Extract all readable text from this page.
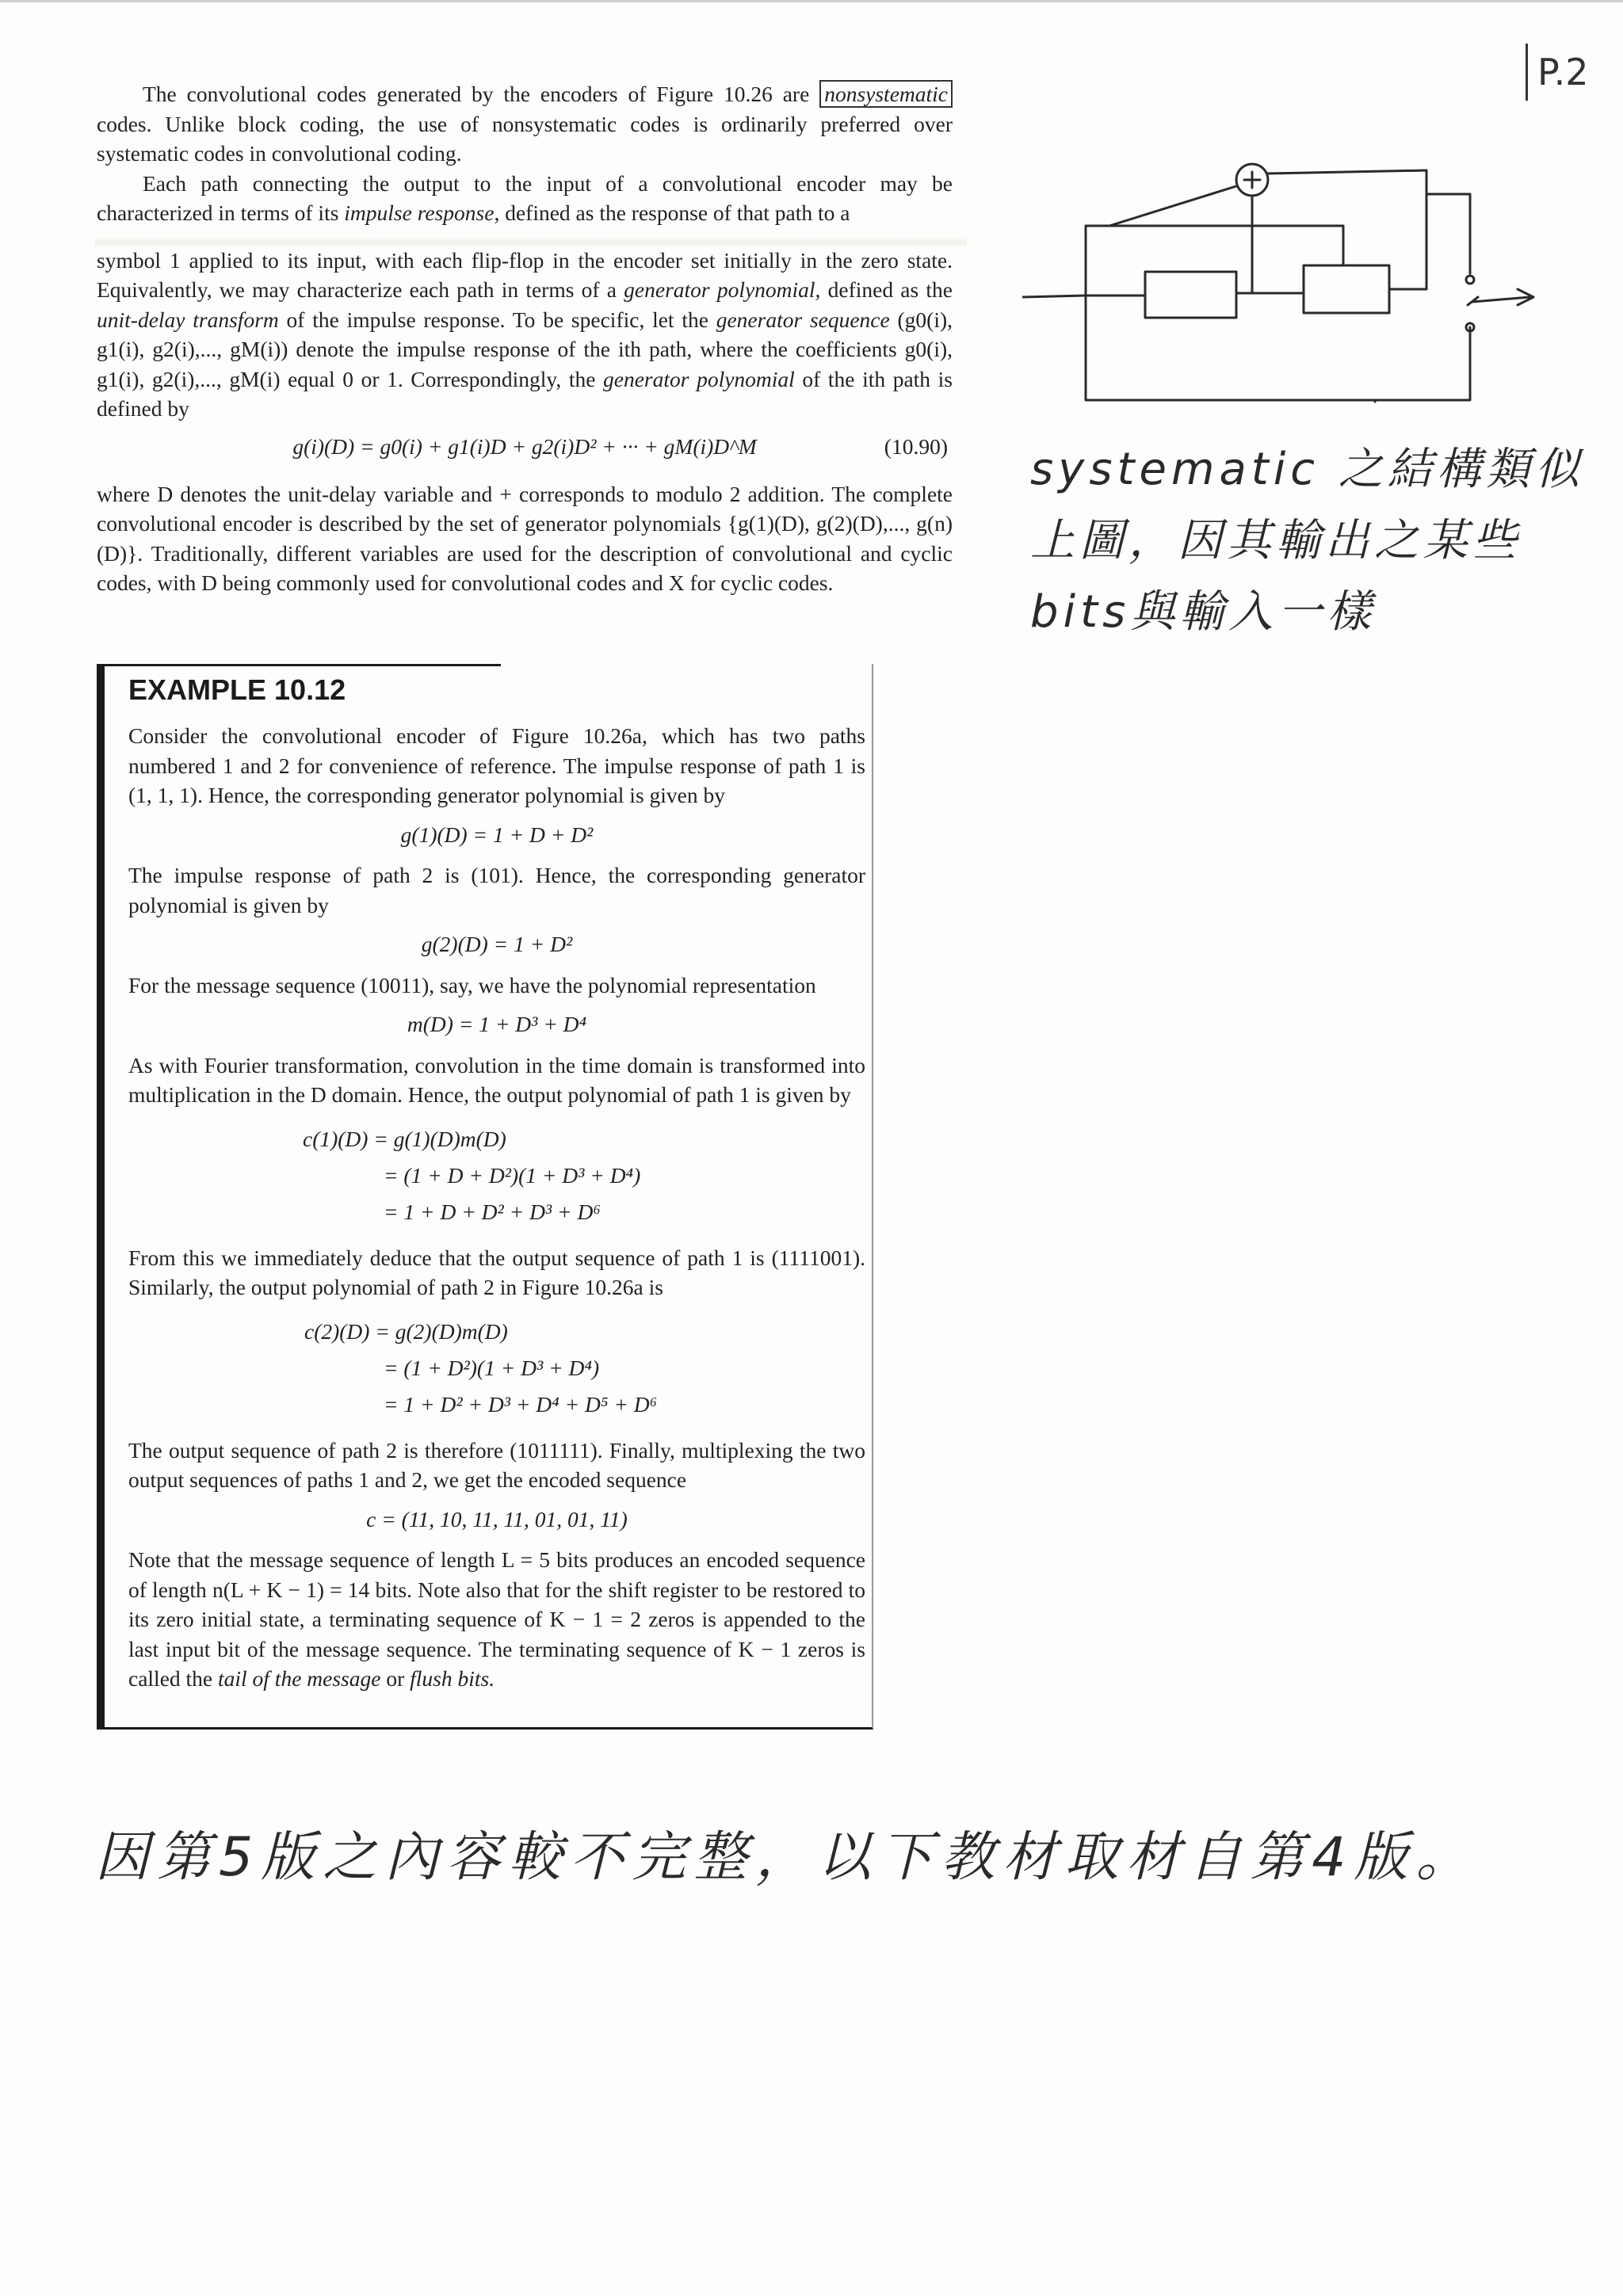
P.2

The convolutional codes generated by the encoders of Figure 10.26 are nonsystematic codes. Unlike block coding, the use of nonsystematic codes is ordinarily preferred over systematic codes in convolutional coding.

Each path connecting the output to the input of a convolutional encoder may be characterized in terms of its impulse response, defined as the response of that path to a

symbol 1 applied to its input, with each flip-flop in the encoder set initially in the zero state. Equivalently, we may characterize each path in terms of a generator polynomial, defined as the unit-delay transform of the impulse response. To be specific, let the generator sequence (g0(i), g1(i), g2(i),..., gM(i)) denote the impulse response of the ith path, where the coefficients g0(i), g1(i), g2(i),..., gM(i) equal 0 or 1. Correspondingly, the generator polynomial of the ith path is defined by

g(i)(D) = g0(i) + g1(i)D + g2(i)D² + ··· + gM(i)D^M	(10.90)

where D denotes the unit-delay variable and + corresponds to modulo 2 addition. The complete convolutional encoder is described by the set of generator polynomials {g(1)(D), g(2)(D),..., g(n)(D)}. Traditionally, different variables are used for the description of convolutional and cyclic codes, with D being commonly used for convolutional codes and X for cyclic codes.

EXAMPLE 10.12

Consider the convolutional encoder of Figure 10.26a, which has two paths numbered 1 and 2 for convenience of reference. The impulse response of path 1 is (1, 1, 1). Hence, the corresponding generator polynomial is given by

g(1)(D) = 1 + D + D²

The impulse response of path 2 is (101). Hence, the corresponding generator polynomial is given by

g(2)(D) = 1 + D²

For the message sequence (10011), say, we have the polynomial representation

m(D) = 1 + D³ + D⁴

As with Fourier transformation, convolution in the time domain is transformed into multiplication in the D domain. Hence, the output polynomial of path 1 is given by

c(1)(D) = g(1)(D)m(D)
= (1 + D + D²)(1 + D³ + D⁴)
= 1 + D + D² + D³ + D⁶

From this we immediately deduce that the output sequence of path 1 is (1111001). Similarly, the output polynomial of path 2 in Figure 10.26a is

c(2)(D) = g(2)(D)m(D)
= (1 + D²)(1 + D³ + D⁴)
= 1 + D² + D³ + D⁴ + D⁵ + D⁶

The output sequence of path 2 is therefore (1011111). Finally, multiplexing the two output sequences of paths 1 and 2, we get the encoded sequence

c = (11, 10, 11, 11, 01, 01, 11)

Note that the message sequence of length L = 5 bits produces an encoded sequence of length n(L + K − 1) = 14 bits. Note also that for the shift register to be restored to its zero initial state, a terminating sequence of K − 1 = 2 zeros is appended to the last input bit of the message sequence. The terminating sequence of K − 1 zeros is called the tail of the message or flush bits.

systematic 之結構類似上圖，因其輸出之某些bits與輸入一樣
因第5版之內容較不完整，以下教材取材自第4版。
